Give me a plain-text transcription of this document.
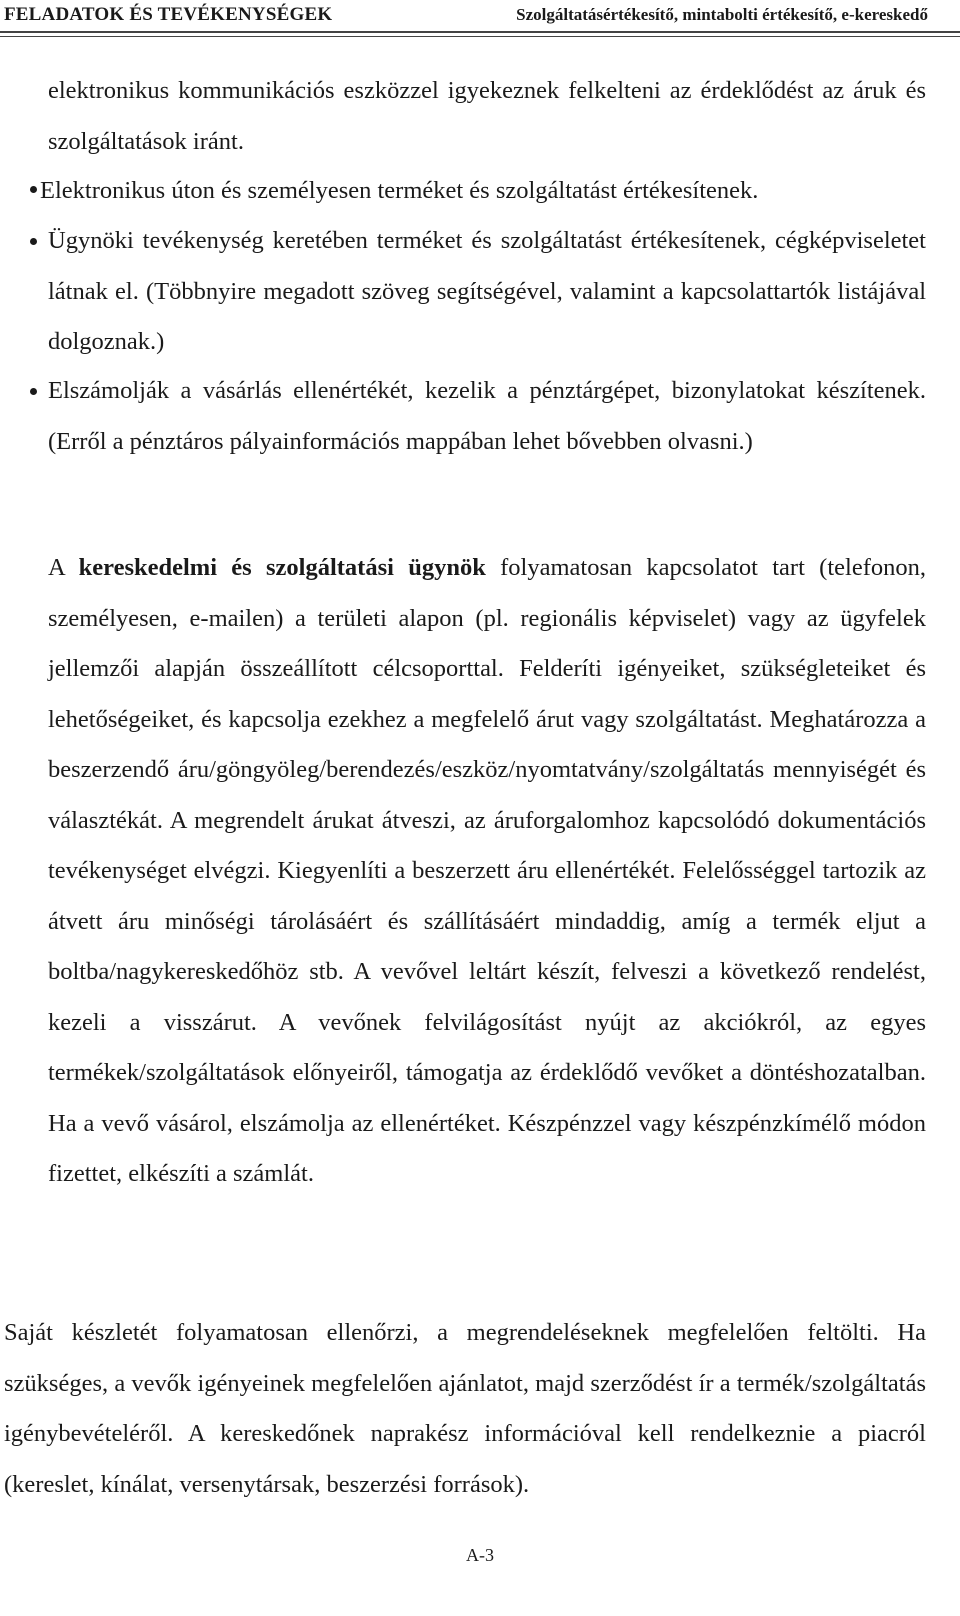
FELADATOK ÉS TEVÉKENYSÉGEK	Szolgáltatásértékesítő, mintabolti értékesítő, e-kereskedő
elektronikus kommunikációs eszközzel igyekeznek felkelteni az érdeklődést az áruk és szolgáltatások iránt.
Elektronikus úton és személyesen terméket és szolgáltatást értékesítenek.
Ügynöki tevékenység keretében terméket és szolgáltatást értékesítenek, cégképviseletet látnak el. (Többnyire megadott szöveg segítségével, valamint a kapcsolattartók listájával dolgoznak.)
Elszámolják a vásárlás ellenértékét, kezelik a pénztárgépet, bizonylatokat készítenek. (Erről a pénztáros pályainformációs mappában lehet bővebben olvasni.)
A kereskedelmi és szolgáltatási ügynök folyamatosan kapcsolatot tart (telefonon, személyesen, e-mailen) a területi alapon (pl. regionális képviselet) vagy az ügyfelek jellemzői alapján összeállított célcsoporttal. Felderíti igényeiket, szükségleteiket és lehetőségeiket, és kapcsolja ezekhez a megfelelő árut vagy szolgáltatást. Meghatározza a beszerzendő áru/göngyöleg/berendezés/eszköz/nyomtatvány/szolgáltatás mennyiségét és választékát. A megrendelt árukat átveszi, az áruforgalomhoz kapcsolódó dokumentációs tevékenységet elvégzi. Kiegyenlíti a beszerzett áru ellenértékét. Felelősséggel tartozik az átvett áru minőségi tárolásáért és szállításáért mindaddig, amíg a termék eljut a boltba/nagykereskedőhöz stb. A vevővel leltárt készít, felveszi a következő rendelést, kezeli a visszárut. A vevőnek felvilágosítást nyújt az akciókról, az egyes termékek/szolgáltatások előnyeiről, támogatja az érdeklődő vevőket a döntéshozatalban. Ha a vevő vásárol, elszámolja az ellenértéket. Készpénzzel vagy készpénzkímélő módon fizettet, elkészíti a számlát.
Saját készletét folyamatosan ellenőrzi, a megrendeléseknek megfelelően feltölti. Ha szükséges, a vevők igényeinek megfelelően ajánlatot, majd szerződést ír a termék/szolgáltatás igénybevételéről. A kereskedőnek naprakész információval kell rendelkeznie a piacról (kereslet, kínálat, versenytársak, beszerzési források).
A-3
